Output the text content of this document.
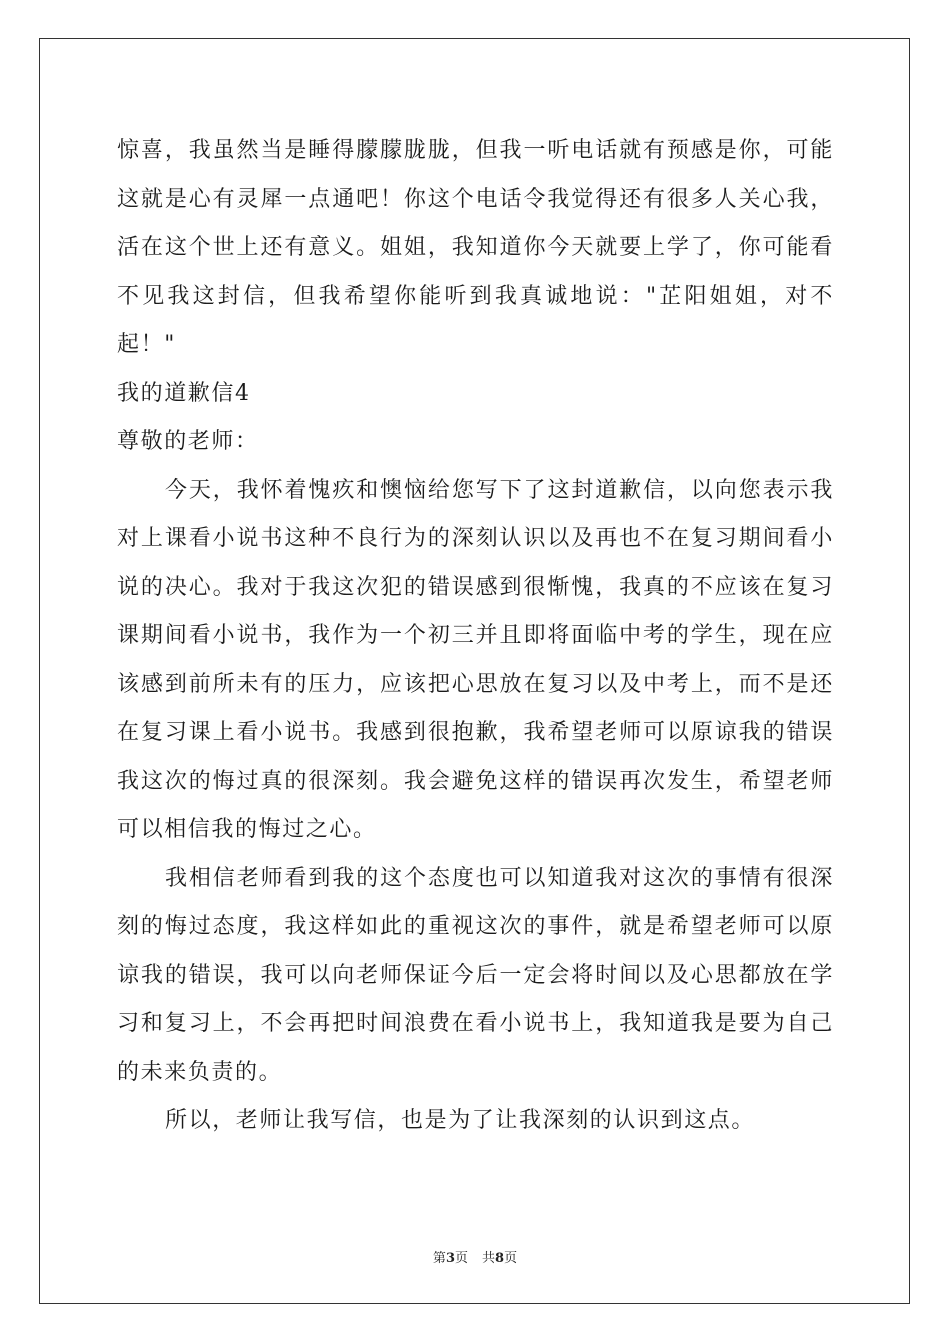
惊喜，我虽然当是睡得朦朦胧胧，但我一听电话就有预感是你，可能这就是心有灵犀一点通吧！你这个电话令我觉得还有很多人关心我，活在这个世上还有意义。姐姐，我知道你今天就要上学了，你可能看不见我这封信，但我希望你能听到我真诚地说："芷阳姐姐，对不起！"

我的道歉信4

尊敬的老师：

今天，我怀着愧疚和懊恼给您写下了这封道歉信，以向您表示我对上课看小说书这种不良行为的深刻认识以及再也不在复习期间看小说的决心。我对于我这次犯的错误感到很惭愧，我真的不应该在复习课期间看小说书，我作为一个初三并且即将面临中考的学生，现在应该感到前所未有的压力，应该把心思放在复习以及中考上，而不是还在复习课上看小说书。我感到很抱歉，我希望老师可以原谅我的错误我这次的悔过真的很深刻。我会避免这样的错误再次发生，希望老师可以相信我的悔过之心。

我相信老师看到我的这个态度也可以知道我对这次的事情有很深刻的悔过态度，我这样如此的重视这次的事件，就是希望老师可以原谅我的错误，我可以向老师保证今后一定会将时间以及心思都放在学习和复习上，不会再把时间浪费在看小说书上，我知道我是要为自己的未来负责的。

所以，老师让我写信，也是为了让我深刻的认识到这点。

第3页 共8页
